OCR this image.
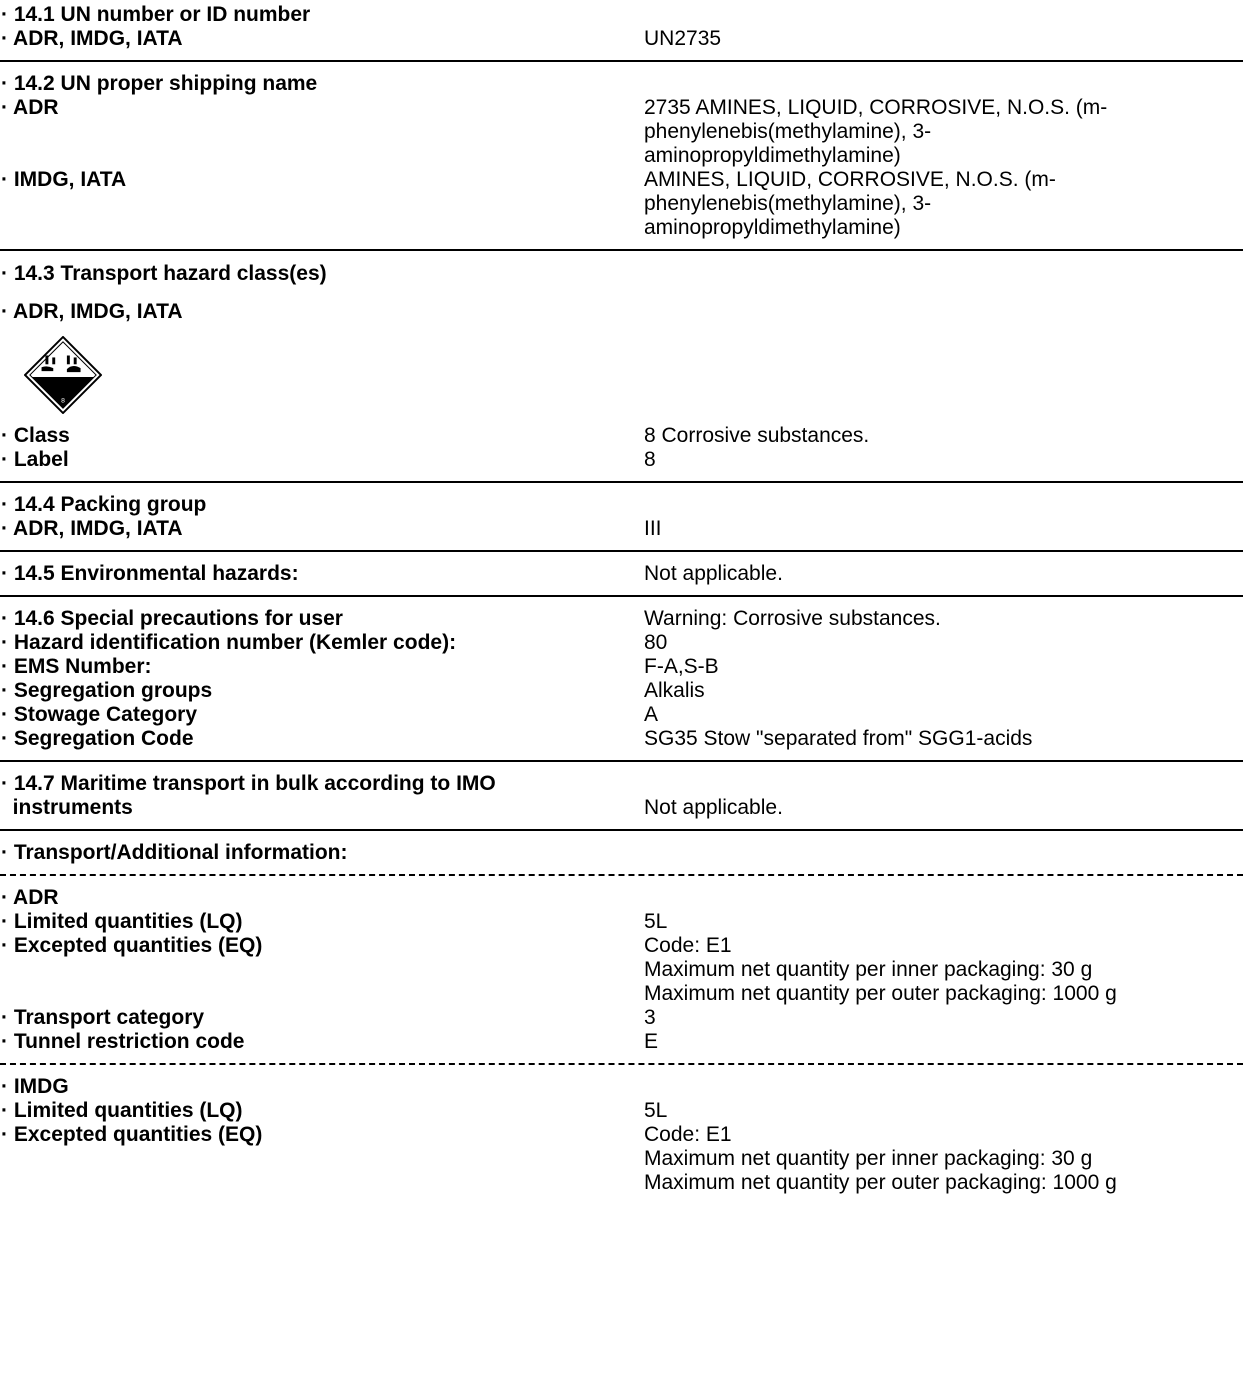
· 14.1 UN number or ID number
· ADR, IMDG, IATA	UN2735
· 14.2 UN proper shipping name
· ADR	2735 AMINES, LIQUID, CORROSIVE, N.O.S. (m-
phenylenebis(methylamine), 3-
aminopropyldimethylamine)
· IMDG, IATA	AMINES, LIQUID, CORROSIVE, N.O.S. (m-
phenylenebis(methylamine), 3-
aminopropyldimethylamine)
· 14.3 Transport hazard class(es)
· ADR, IMDG, IATA
8
· Class	8 Corrosive substances.
· Label	8
· 14.4 Packing group
· ADR, IMDG, IATA	III
· 14.5 Environmental hazards:	Not applicable.
· 14.6 Special precautions for user	Warning: Corrosive substances.
· Hazard identification number (Kemler code):	80
· EMS Number:	F-A,S-B
· Segregation groups	Alkalis
· Stowage Category	A
· Segregation Code	SG35 Stow "separated from" SGG1-acids
· 14.7 Maritime transport in bulk according to IMO
instruments	Not applicable.
· Transport/Additional information:
· ADR
· Limited quantities (LQ)	5L
· Excepted quantities (EQ)	Code: E1
Maximum net quantity per inner packaging: 30 g
Maximum net quantity per outer packaging: 1000 g
· Transport category	3
· Tunnel restriction code	E
· IMDG
· Limited quantities (LQ)	5L
· Excepted quantities (EQ)	Code: E1
Maximum net quantity per inner packaging: 30 g
Maximum net quantity per outer packaging: 1000 g
